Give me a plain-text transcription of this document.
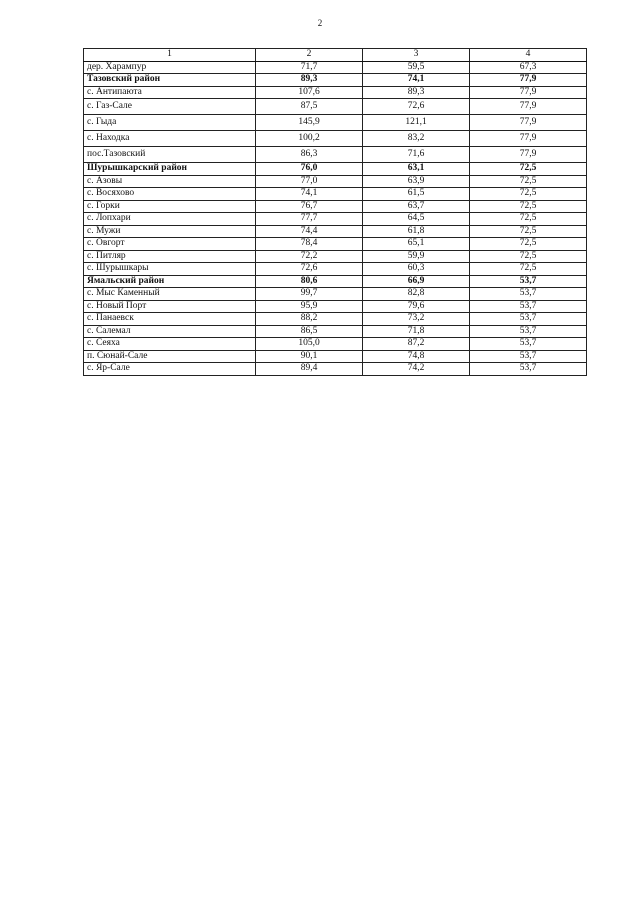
2
1	2	3	4
дер. Харампур	71,7	59,5	67,3
Тазовский район	89,3	74,1	77,9
с. Антипаюта	107,6	89,3	77,9
с. Газ-Сале	87,5	72,6	77,9
с. Гыда	145,9	121,1	77,9
с. Находка	100,2	83,2	77,9
пос.Тазовский	86,3	71,6	77,9
Шурышкарский район	76,0	63,1	72,5
с. Азовы	77,0	63,9	72,5
с. Восяхово	74,1	61,5	72,5
с. Горки	76,7	63,7	72,5
с. Лопхари	77,7	64,5	72,5
с. Мужи	74,4	61,8	72,5
с. Овгорт	78,4	65,1	72,5
с. Питляр	72,2	59,9	72,5
с. Шурышкары	72,6	60,3	72,5
Ямальский район	80,6	66,9	53,7
с. Мыс Каменный	99,7	82,8	53,7
с. Новый Порт	95,9	79,6	53,7
с. Панаевск	88,2	73,2	53,7
с. Салемал	86,5	71,8	53,7
с. Сеяха	105,0	87,2	53,7
п. Сюнай-Сале	90,1	74,8	53,7
с. Яр-Сале	89,4	74,2	53,7
